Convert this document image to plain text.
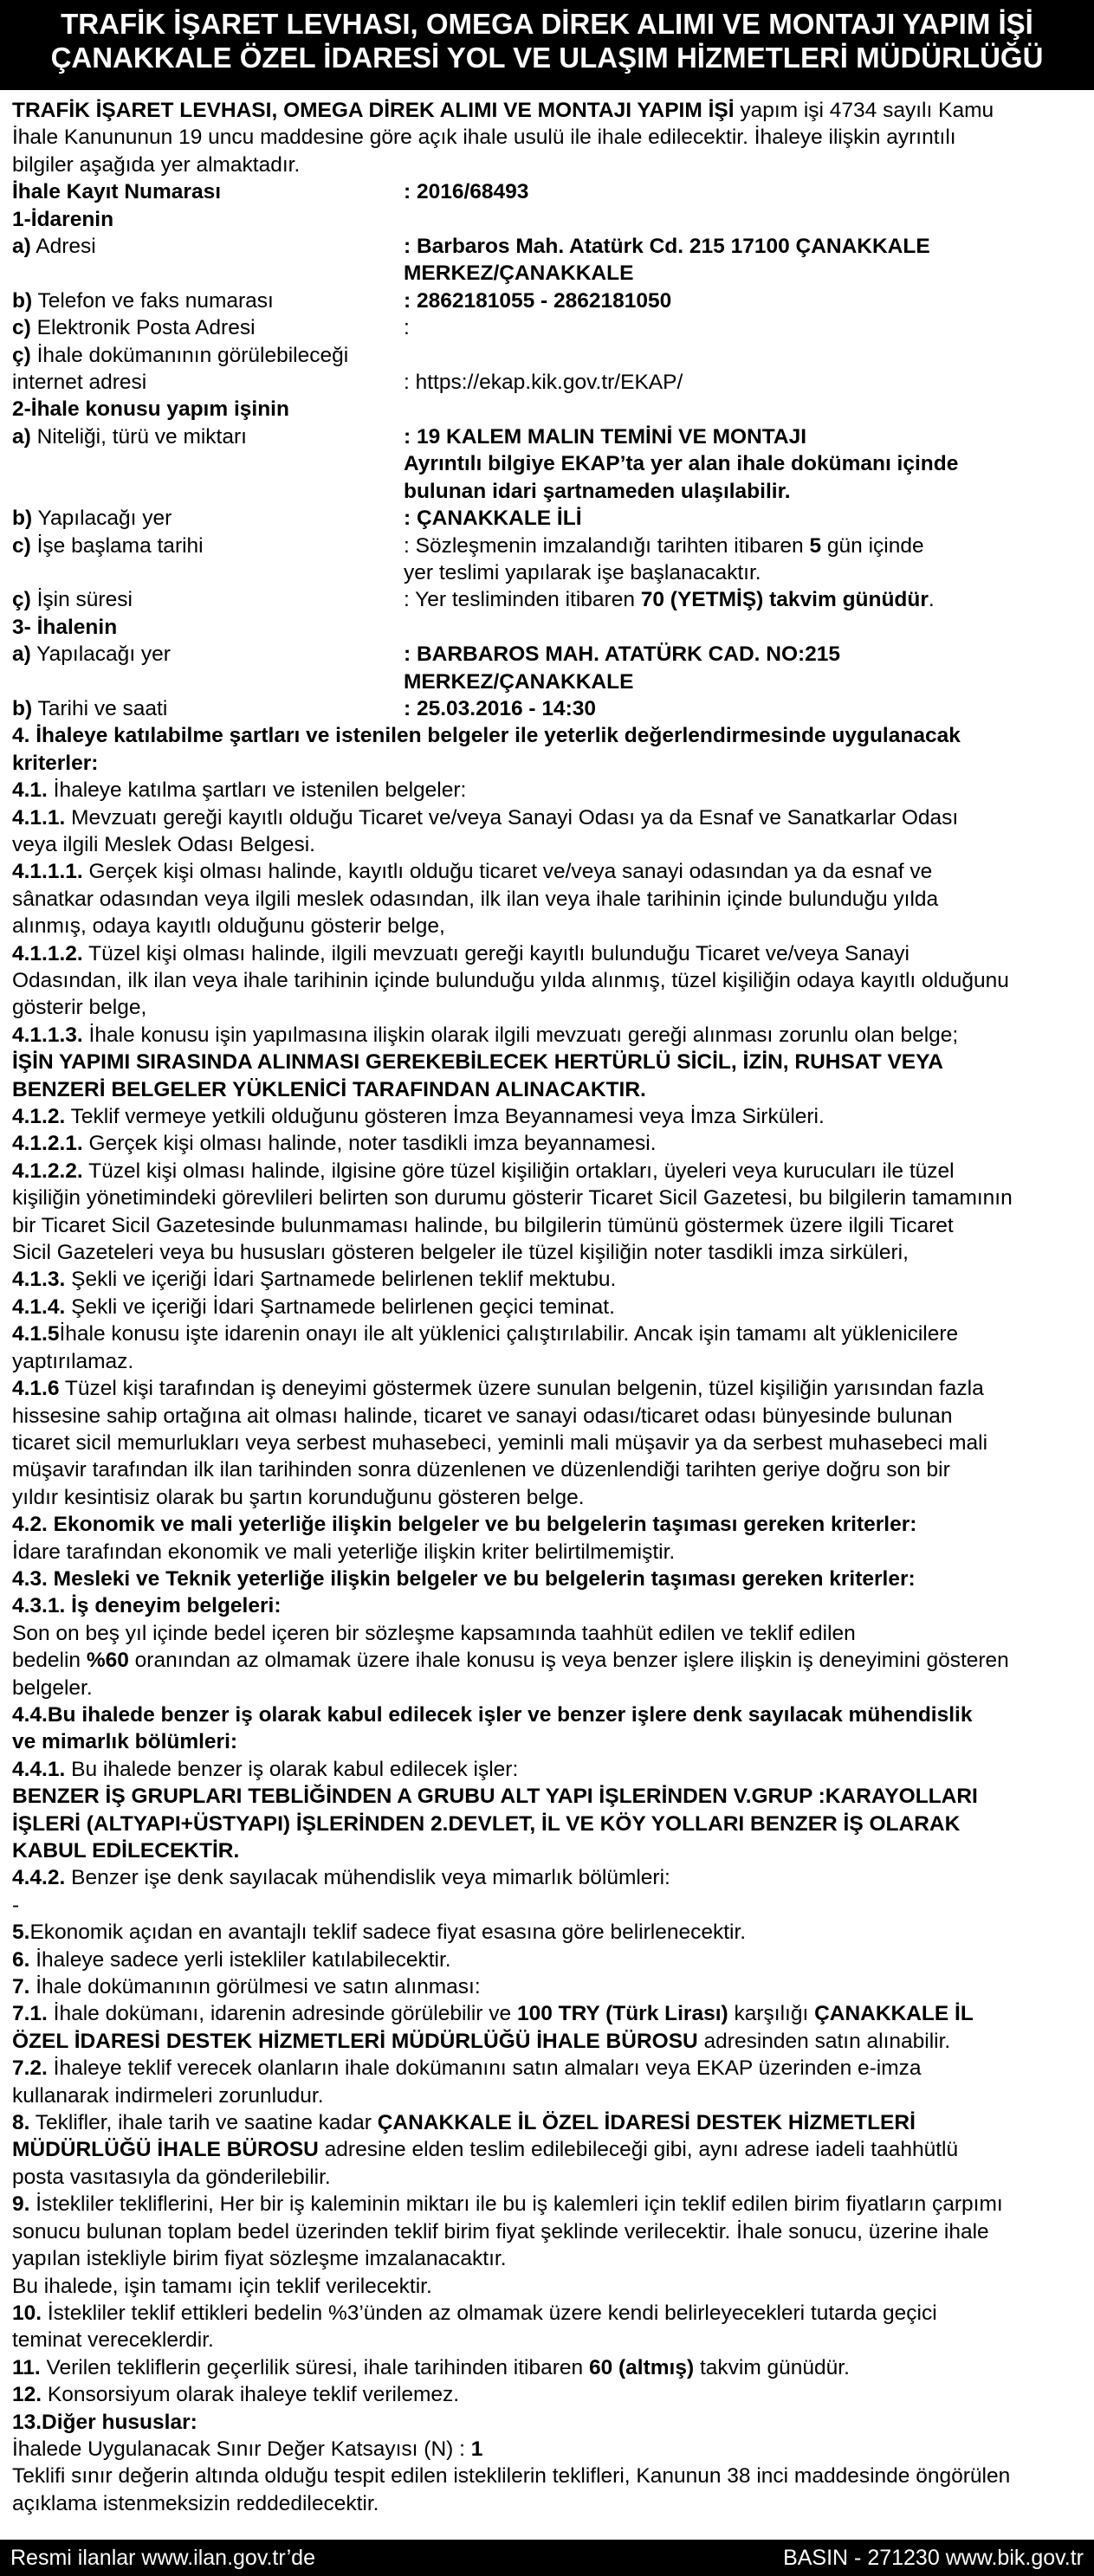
TRAFİK İŞARET LEVHASI, OMEGA DİREK ALIMI VE MONTAJI YAPIM İŞİ
ÇANAKKALE ÖZEL İDARESİ YOL VE ULAŞIM HİZMETLERİ MÜDÜRLÜĞÜ
TRAFİK İŞARET LEVHASI, OMEGA DİREK ALIMI VE MONTAJI YAPIM İŞİ yapım işi 4734 sayılı Kamu
İhale Kanununun 19 uncu maddesine göre açık ihale usulü ile ihale edilecektir. İhaleye ilişkin ayrıntılı
bilgiler aşağıda yer almaktadır.
İhale Kayıt Numarası	: 2016/68493
1-İdarenin
a) Adresi	: Barbaros Mah. Atatürk Cd. 215 17100 ÇANAKKALE
MERKEZ/ÇANAKKALE
b) Telefon ve faks numarası	: 2862181055 - 2862181050
c) Elektronik Posta Adresi	:
ç) İhale dokümanının görülebileceği
internet adresi	: https://ekap.kik.gov.tr/EKAP/
2-İhale konusu yapım işinin
a) Niteliği, türü ve miktarı	: 19 KALEM MALIN TEMİNİ VE MONTAJI
Ayrıntılı bilgiye EKAP’ta yer alan ihale dokümanı içinde
bulunan idari şartnameden ulaşılabilir.
b) Yapılacağı yer	: ÇANAKKALE İLİ
c) İşe başlama tarihi	: Sözleşmenin imzalandığı tarihten itibaren 5 gün içinde
yer teslimi yapılarak işe başlanacaktır.
ç) İşin süresi	: Yer tesliminden itibaren 70 (YETMİŞ) takvim günüdür.
3- İhalenin
a) Yapılacağı yer	: BARBAROS MAH. ATATÜRK CAD. NO:215
MERKEZ/ÇANAKKALE
b) Tarihi ve saati	: 25.03.2016 - 14:30
4. İhaleye katılabilme şartları ve istenilen belgeler ile yeterlik değerlendirmesinde uygulanacak
kriterler:
4.1. İhaleye katılma şartları ve istenilen belgeler:
4.1.1. Mevzuatı gereği kayıtlı olduğu Ticaret ve/veya Sanayi Odası ya da Esnaf ve Sanatkarlar Odası
veya ilgili Meslek Odası Belgesi.
4.1.1.1. Gerçek kişi olması halinde, kayıtlı olduğu ticaret ve/veya sanayi odasından ya da esnaf ve
sânatkar odasından veya ilgili meslek odasından, ilk ilan veya ihale tarihinin içinde bulunduğu yılda
alınmış, odaya kayıtlı olduğunu gösterir belge,
4.1.1.2. Tüzel kişi olması halinde, ilgili mevzuatı gereği kayıtlı bulunduğu Ticaret ve/veya Sanayi
Odasından, ilk ilan veya ihale tarihinin içinde bulunduğu yılda alınmış, tüzel kişiliğin odaya kayıtlı olduğunu
gösterir belge,
4.1.1.3. İhale konusu işin yapılmasına ilişkin olarak ilgili mevzuatı gereği alınması zorunlu olan belge;
İŞİN YAPIMI SIRASINDA ALINMASI GEREKEBİLECEK HERTÜRLÜ SİCİL, İZİN, RUHSAT VEYA
BENZERİ BELGELER YÜKLENİCİ TARAFINDAN ALINACAKTIR.
4.1.2. Teklif vermeye yetkili olduğunu gösteren İmza Beyannamesi veya İmza Sirküleri.
4.1.2.1. Gerçek kişi olması halinde, noter tasdikli imza beyannamesi.
4.1.2.2. Tüzel kişi olması halinde, ilgisine göre tüzel kişiliğin ortakları, üyeleri veya kurucuları ile tüzel
kişiliğin yönetimindeki görevlileri belirten son durumu gösterir Ticaret Sicil Gazetesi, bu bilgilerin tamamının
bir Ticaret Sicil Gazetesinde bulunmaması halinde, bu bilgilerin tümünü göstermek üzere ilgili Ticaret
Sicil Gazeteleri veya bu hususları gösteren belgeler ile tüzel kişiliğin noter tasdikli imza sirküleri,
4.1.3. Şekli ve içeriği İdari Şartnamede belirlenen teklif mektubu.
4.1.4. Şekli ve içeriği İdari Şartnamede belirlenen geçici teminat.
4.1.5İhale konusu işte idarenin onayı ile alt yüklenici çalıştırılabilir. Ancak işin tamamı alt yüklenicilere
yaptırılamaz.
4.1.6 Tüzel kişi tarafından iş deneyimi göstermek üzere sunulan belgenin, tüzel kişiliğin yarısından fazla
hissesine sahip ortağına ait olması halinde, ticaret ve sanayi odası/ticaret odası bünyesinde bulunan
ticaret sicil memurlukları veya serbest muhasebeci, yeminli mali müşavir ya da serbest muhasebeci mali
müşavir tarafından ilk ilan tarihinden sonra düzenlenen ve düzenlendiği tarihten geriye doğru son bir
yıldır kesintisiz olarak bu şartın korunduğunu gösteren belge.
4.2. Ekonomik ve mali yeterliğe ilişkin belgeler ve bu belgelerin taşıması gereken kriterler:
İdare tarafından ekonomik ve mali yeterliğe ilişkin kriter belirtilmemiştir.
4.3. Mesleki ve Teknik yeterliğe ilişkin belgeler ve bu belgelerin taşıması gereken kriterler:
4.3.1. İş deneyim belgeleri:
Son on beş yıl içinde bedel içeren bir sözleşme kapsamında taahhüt edilen ve teklif edilen
bedelin %60 oranından az olmamak üzere ihale konusu iş veya benzer işlere ilişkin iş deneyimini gösteren
belgeler.
4.4.Bu ihalede benzer iş olarak kabul edilecek işler ve benzer işlere denk sayılacak mühendislik
ve mimarlık bölümleri:
4.4.1. Bu ihalede benzer iş olarak kabul edilecek işler:
BENZER İŞ GRUPLARI TEBLİĞİNDEN A GRUBU ALT YAPI İŞLERİNDEN V.GRUP :KARAYOLLARI
İŞLERİ (ALTYAPI+ÜSTYAPI) İŞLERİNDEN 2.DEVLET, İL VE KÖY YOLLARI BENZER İŞ OLARAK
KABUL EDİLECEKTİR.
4.4.2. Benzer işe denk sayılacak mühendislik veya mimarlık bölümleri:
-
5.Ekonomik açıdan en avantajlı teklif sadece fiyat esasına göre belirlenecektir.
6. İhaleye sadece yerli istekliler katılabilecektir.
7. İhale dokümanının görülmesi ve satın alınması:
7.1. İhale dokümanı, idarenin adresinde görülebilir ve 100 TRY (Türk Lirası) karşılığı ÇANAKKALE İL
ÖZEL İDARESİ DESTEK HİZMETLERİ MÜDÜRLÜĞÜ İHALE BÜROSU adresinden satın alınabilir.
7.2. İhaleye teklif verecek olanların ihale dokümanını satın almaları veya EKAP üzerinden e-imza
kullanarak indirmeleri zorunludur.
8. Teklifler, ihale tarih ve saatine kadar ÇANAKKALE İL ÖZEL İDARESİ DESTEK HİZMETLERİ
MÜDÜRLÜĞÜ İHALE BÜROSU adresine elden teslim edilebileceği gibi, aynı adrese iadeli taahhütlü
posta vasıtasıyla da gönderilebilir.
9. İstekliler tekliflerini, Her bir iş kaleminin miktarı ile bu iş kalemleri için teklif edilen birim fiyatların çarpımı
sonucu bulunan toplam bedel üzerinden teklif birim fiyat şeklinde verilecektir. İhale sonucu, üzerine ihale
yapılan istekliyle birim fiyat sözleşme imzalanacaktır.
Bu ihalede, işin tamamı için teklif verilecektir.
10. İstekliler teklif ettikleri bedelin %3’ünden az olmamak üzere kendi belirleyecekleri tutarda geçici
teminat vereceklerdir.
11. Verilen tekliflerin geçerlilik süresi, ihale tarihinden itibaren 60 (altmış) takvim günüdür.
12. Konsorsiyum olarak ihaleye teklif verilemez.
13.Diğer hususlar:
İhalede Uygulanacak Sınır Değer Katsayısı (N) : 1
Teklifi sınır değerin altında olduğu tespit edilen isteklilerin teklifleri, Kanunun 38 inci maddesinde öngörülen
açıklama istenmeksizin reddedilecektir.
Resmi ilanlar www.ilan.gov.tr’de	BASIN - 271230 www.bik.gov.tr
